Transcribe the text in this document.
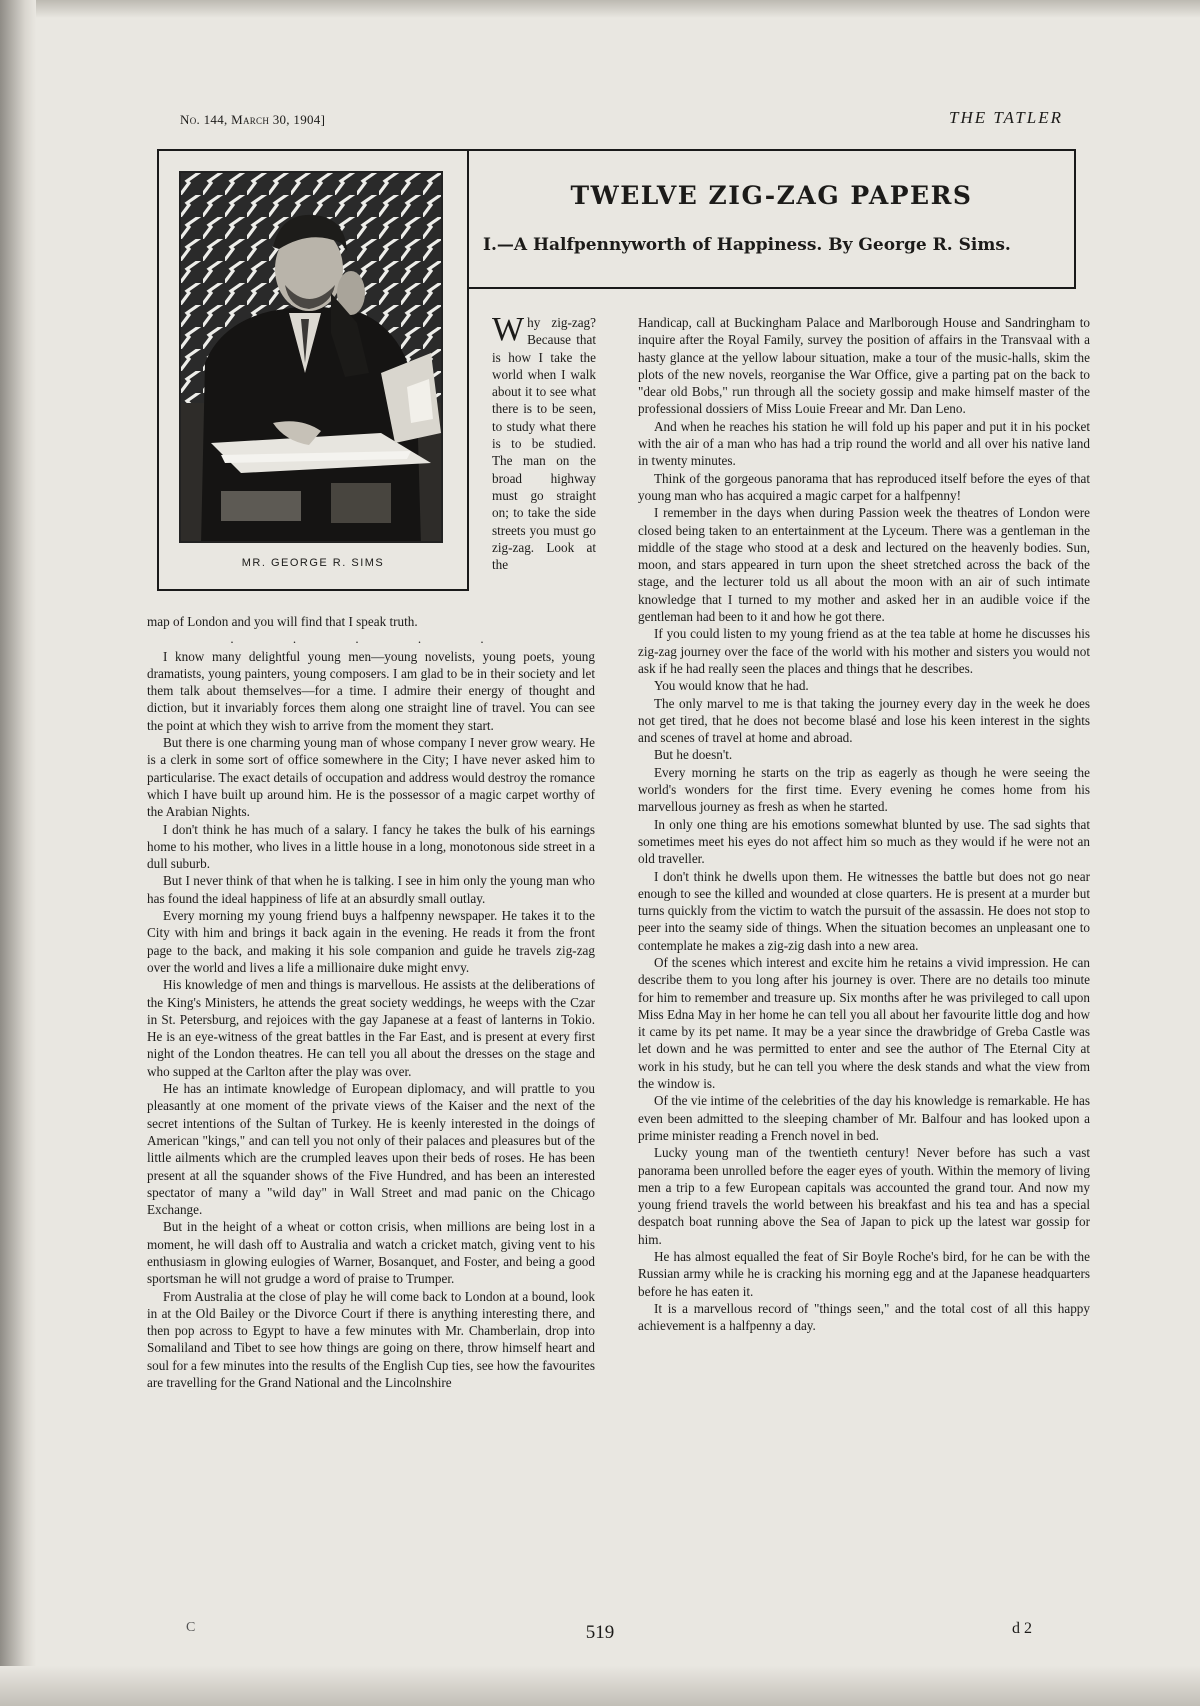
No. 144, March 30, 1904]	THE TATLER
MR. GEORGE R. SIMS
TWELVE ZIG-ZAG PAPERS
I.—A Halfpennyworth of Happiness. By George R. Sims.

Why zig-zag? Because that is how I take the world when I walk about it to see what there is to be seen, to study what there is to be studied. The man on the broad highway must go straight on; to take the side streets you must go zig-zag. Look at the

map of London and you will find that I speak truth.

. . . . .

I know many delightful young men—young novelists, young poets, young dramatists, young painters, young composers. I am glad to be in their society and let them talk about themselves—for a time. I admire their energy of thought and diction, but it invariably forces them along one straight line of travel. You can see the point at which they wish to arrive from the moment they start.

But there is one charming young man of whose company I never grow weary. He is a clerk in some sort of office somewhere in the City; I have never asked him to particularise. The exact details of occupation and address would destroy the romance which I have built up around him. He is the possessor of a magic carpet worthy of the Arabian Nights.

I don't think he has much of a salary. I fancy he takes the bulk of his earnings home to his mother, who lives in a little house in a long, monotonous side street in a dull suburb.

But I never think of that when he is talking. I see in him only the young man who has found the ideal happiness of life at an absurdly small outlay.

Every morning my young friend buys a halfpenny newspaper. He takes it to the City with him and brings it back again in the evening. He reads it from the front page to the back, and making it his sole companion and guide he travels zig-zag over the world and lives a life a millionaire duke might envy.

His knowledge of men and things is marvellous. He assists at the deliberations of the King's Ministers, he attends the great society weddings, he weeps with the Czar in St. Petersburg, and rejoices with the gay Japanese at a feast of lanterns in Tokio. He is an eye-witness of the great battles in the Far East, and is present at every first night of the London theatres. He can tell you all about the dresses on the stage and who supped at the Carlton after the play was over.

He has an intimate knowledge of European diplomacy, and will prattle to you pleasantly at one moment of the private views of the Kaiser and the next of the secret intentions of the Sultan of Turkey. He is keenly interested in the doings of American "kings," and can tell you not only of their palaces and pleasures but of the little ailments which are the crumpled leaves upon their beds of roses. He has been present at all the squander shows of the Five Hundred, and has been an interested spectator of many a "wild day" in Wall Street and mad panic on the Chicago Exchange.

But in the height of a wheat or cotton crisis, when millions are being lost in a moment, he will dash off to Australia and watch a cricket match, giving vent to his enthusiasm in glowing eulogies of Warner, Bosanquet, and Foster, and being a good sportsman he will not grudge a word of praise to Trumper.

From Australia at the close of play he will come back to London at a bound, look in at the Old Bailey or the Divorce Court if there is anything interesting there, and then pop across to Egypt to have a few minutes with Mr. Chamberlain, drop into Somaliland and Tibet to see how things are going on there, throw himself heart and soul for a few minutes into the results of the English Cup ties, see how the favourites are travelling for the Grand National and the Lincolnshire

Handicap, call at Buckingham Palace and Marlborough House and Sandringham to inquire after the Royal Family, survey the position of affairs in the Transvaal with a hasty glance at the yellow labour situation, make a tour of the music-halls, skim the plots of the new novels, reorganise the War Office, give a parting pat on the back to "dear old Bobs," run through all the society gossip and make himself master of the professional dossiers of Miss Louie Freear and Mr. Dan Leno.

And when he reaches his station he will fold up his paper and put it in his pocket with the air of a man who has had a trip round the world and all over his native land in twenty minutes.

Think of the gorgeous panorama that has reproduced itself before the eyes of that young man who has acquired a magic carpet for a halfpenny!

I remember in the days when during Passion week the theatres of London were closed being taken to an entertainment at the Lyceum. There was a gentleman in the middle of the stage who stood at a desk and lectured on the heavenly bodies. Sun, moon, and stars appeared in turn upon the sheet stretched across the back of the stage, and the lecturer told us all about the moon with an air of such intimate knowledge that I turned to my mother and asked her in an audible voice if the gentleman had been to it and how he got there.

If you could listen to my young friend as at the tea table at home he discusses his zig-zag journey over the face of the world with his mother and sisters you would not ask if he had really seen the places and things that he describes.

You would know that he had.

The only marvel to me is that taking the journey every day in the week he does not get tired, that he does not become blasé and lose his keen interest in the sights and scenes of travel at home and abroad.

But he doesn't.

Every morning he starts on the trip as eagerly as though he were seeing the world's wonders for the first time. Every evening he comes home from his marvellous journey as fresh as when he started.

In only one thing are his emotions somewhat blunted by use. The sad sights that sometimes meet his eyes do not affect him so much as they would if he were not an old traveller.

I don't think he dwells upon them. He witnesses the battle but does not go near enough to see the killed and wounded at close quarters. He is present at a murder but turns quickly from the victim to watch the pursuit of the assassin. He does not stop to peer into the seamy side of things. When the situation becomes an unpleasant one to contemplate he makes a zig-zig dash into a new area.

Of the scenes which interest and excite him he retains a vivid impression. He can describe them to you long after his journey is over. There are no details too minute for him to remember and treasure up. Six months after he was privileged to call upon Miss Edna May in her home he can tell you all about her favourite little dog and how it came by its pet name. It may be a year since the drawbridge of Greba Castle was let down and he was permitted to enter and see the author of The Eternal City at work in his study, but he can tell you where the desk stands and what the view from the window is.

Of the vie intime of the celebrities of the day his knowledge is remarkable. He has even been admitted to the sleeping chamber of Mr. Balfour and has looked upon a prime minister reading a French novel in bed.

Lucky young man of the twentieth century! Never before has such a vast panorama been unrolled before the eager eyes of youth. Within the memory of living men a trip to a few European capitals was accounted the grand tour. And now my young friend travels the world between his breakfast and his tea and has a special despatch boat running above the Sea of Japan to pick up the latest war gossip for him.

He has almost equalled the feat of Sir Boyle Roche's bird, for he can be with the Russian army while he is cracking his morning egg and at the Japanese headquarters before he has eaten it.

It is a marvellous record of "things seen," and the total cost of all this happy achievement is a halfpenny a day.

C	519	d 2
